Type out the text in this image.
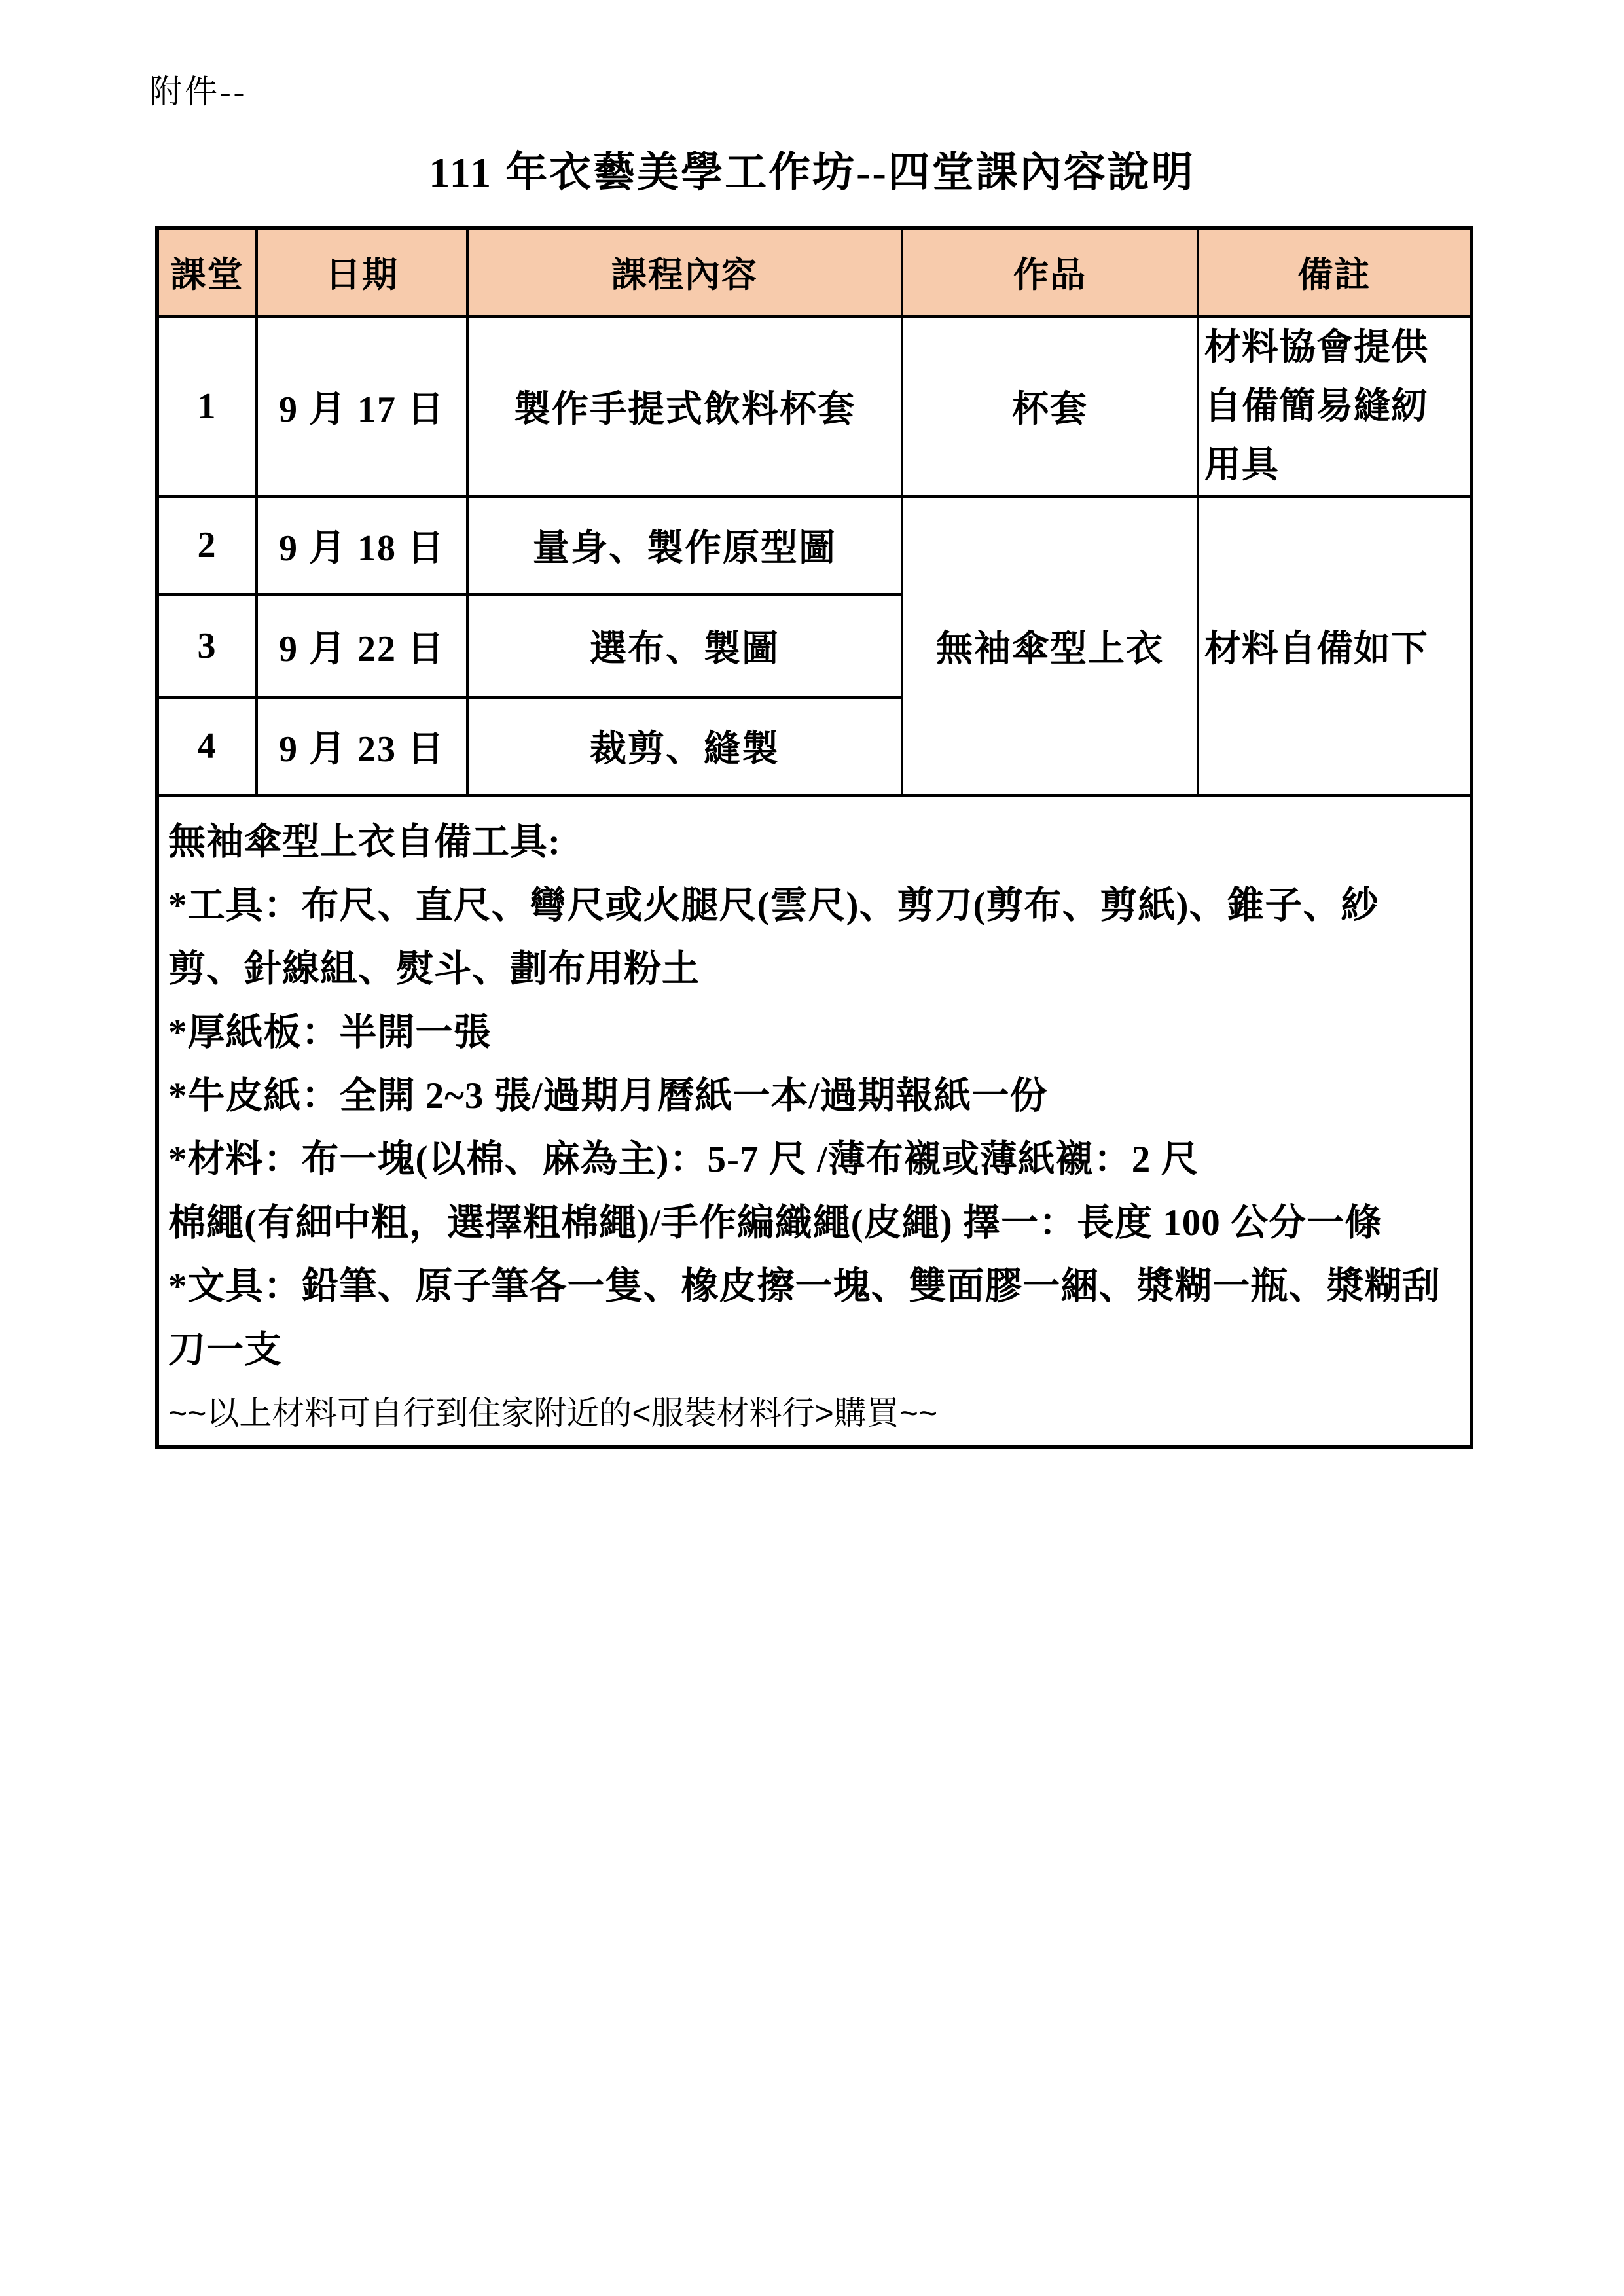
附件--
111 年衣藝美學工作坊--四堂課內容說明
課堂	日期	課程內容	作品	備註
1	9 月 17 日	製作手提式飲料杯套	杯套	材料協會提供
自備簡易縫紉
用具

2	9 月 18 日	量身、製作原型圖	無袖傘型上衣	材料自備如下
3	9 月 22 日	選布、製圖		
4	9 月 23 日	裁剪、縫製		

無袖傘型上衣自備工具:
*工具：布尺、直尺、彎尺或火腿尺(雲尺)、剪刀(剪布、剪紙)、錐子、紗
剪、針線組、熨斗、劃布用粉土
*厚紙板：半開一張
*牛皮紙：全開 2~3 張/過期月曆紙一本/過期報紙一份
*材料：布一塊(以棉、麻為主)：5-7 尺 /薄布襯或薄紙襯：2 尺
棉繩(有細中粗，選擇粗棉繩)/手作編織繩(皮繩) 擇一：長度 100 公分一條
*文具：鉛筆、原子筆各一隻、橡皮擦一塊、雙面膠一綑、漿糊一瓶、漿糊刮
刀一支
~~以上材料可自行到住家附近的<服裝材料行>購買~~
